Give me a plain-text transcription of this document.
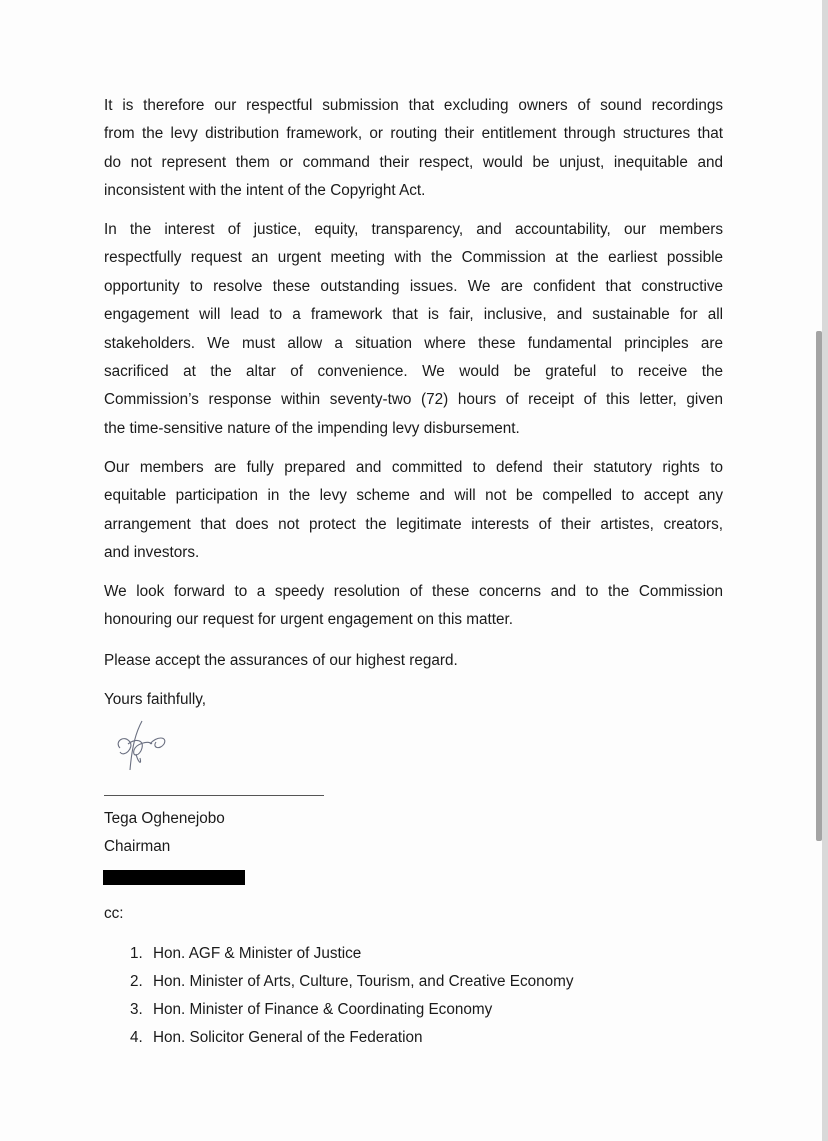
It is therefore our respectful submission that excluding owners of sound recordings
from the levy distribution framework, or routing their entitlement through structures that
do not represent them or command their respect, would be unjust, inequitable and
inconsistent with the intent of the Copyright Act.
In the interest of justice, equity, transparency, and accountability, our members
respectfully request an urgent meeting with the Commission at the earliest possible
opportunity to resolve these outstanding issues. We are confident that constructive
engagement will lead to a framework that is fair, inclusive, and sustainable for all
stakeholders. We must allow a situation where these fundamental principles are
sacrificed at the altar of convenience. We would be grateful to receive the
Commission’s response within seventy-two (72) hours of receipt of this letter, given
the time-sensitive nature of the impending levy disbursement.
Our members are fully prepared and committed to defend their statutory rights to
equitable participation in the levy scheme and will not be compelled to accept any
arrangement that does not protect the legitimate interests of their artistes, creators,
and investors.
We look forward to a speedy resolution of these concerns and to the Commission
honouring our request for urgent engagement on this matter.
Please accept the assurances of our highest regard.
Yours faithfully,
Tega Oghenejobo
Chairman
cc:
1. Hon. AGF & Minister of Justice
2. Hon. Minister of Arts, Culture, Tourism, and Creative Economy
3. Hon. Minister of Finance & Coordinating Economy
4. Hon. Solicitor General of the Federation
